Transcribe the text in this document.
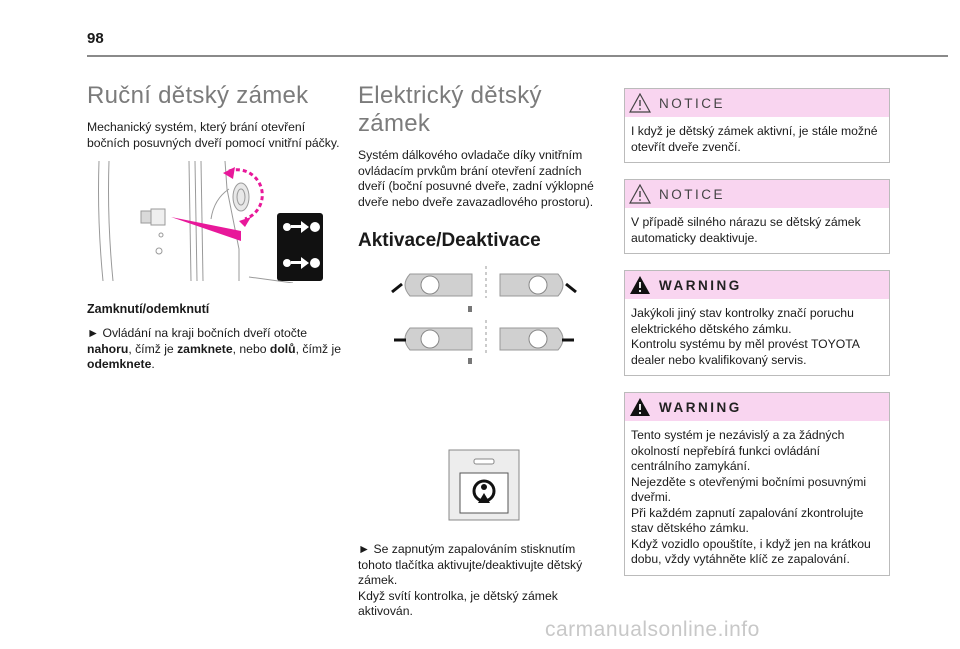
98
Ruční dětský zámek

Mechanický systém, který brání otevření bočních posuvných dveří pomocí vnitřní páčky.

Zamknutí/odemknutí

► Ovládání na kraji bočních dveří otočte nahoru, čímž je zamknete, nebo dolů, čímž je odemknete.

Elektrický dětský zámek

Systém dálkového ovladače díky vnitřním ovládacím prvkům brání otevření zadních dveří (boční posuvné dveře, zadní výklopné dveře nebo dveře zavazadlového prostoru).

Aktivace/Deaktivace

► Se zapnutým zapalováním stisknutím tohoto tlačítka aktivujte/deaktivujte dětský zámek.

Když svítí kontrolka, je dětský zámek aktivován.

NOTICE
I když je dětský zámek aktivní, je stále možné otevřít dveře zvenčí.
NOTICE
V případě silného nárazu se dětský zámek automaticky deaktivuje.
WARNING
Jakýkoli jiný stav kontrolky značí poruchu elektrického dětského zámku.
Kontrolu systému by měl provést TOYOTA dealer nebo kvalifikovaný servis.
WARNING
Tento systém je nezávislý a za žádných okolností nepřebírá funkci ovládání centrálního zamykání.
Nejezděte s otevřenými bočními posuvnými dveřmi.
Při každém zapnutí zapalování zkontrolujte stav dětského zámku.
Když vozidlo opouštíte, i když jen na krátkou dobu, vždy vytáhněte klíč ze zapalování.
carmanualsonline.info
